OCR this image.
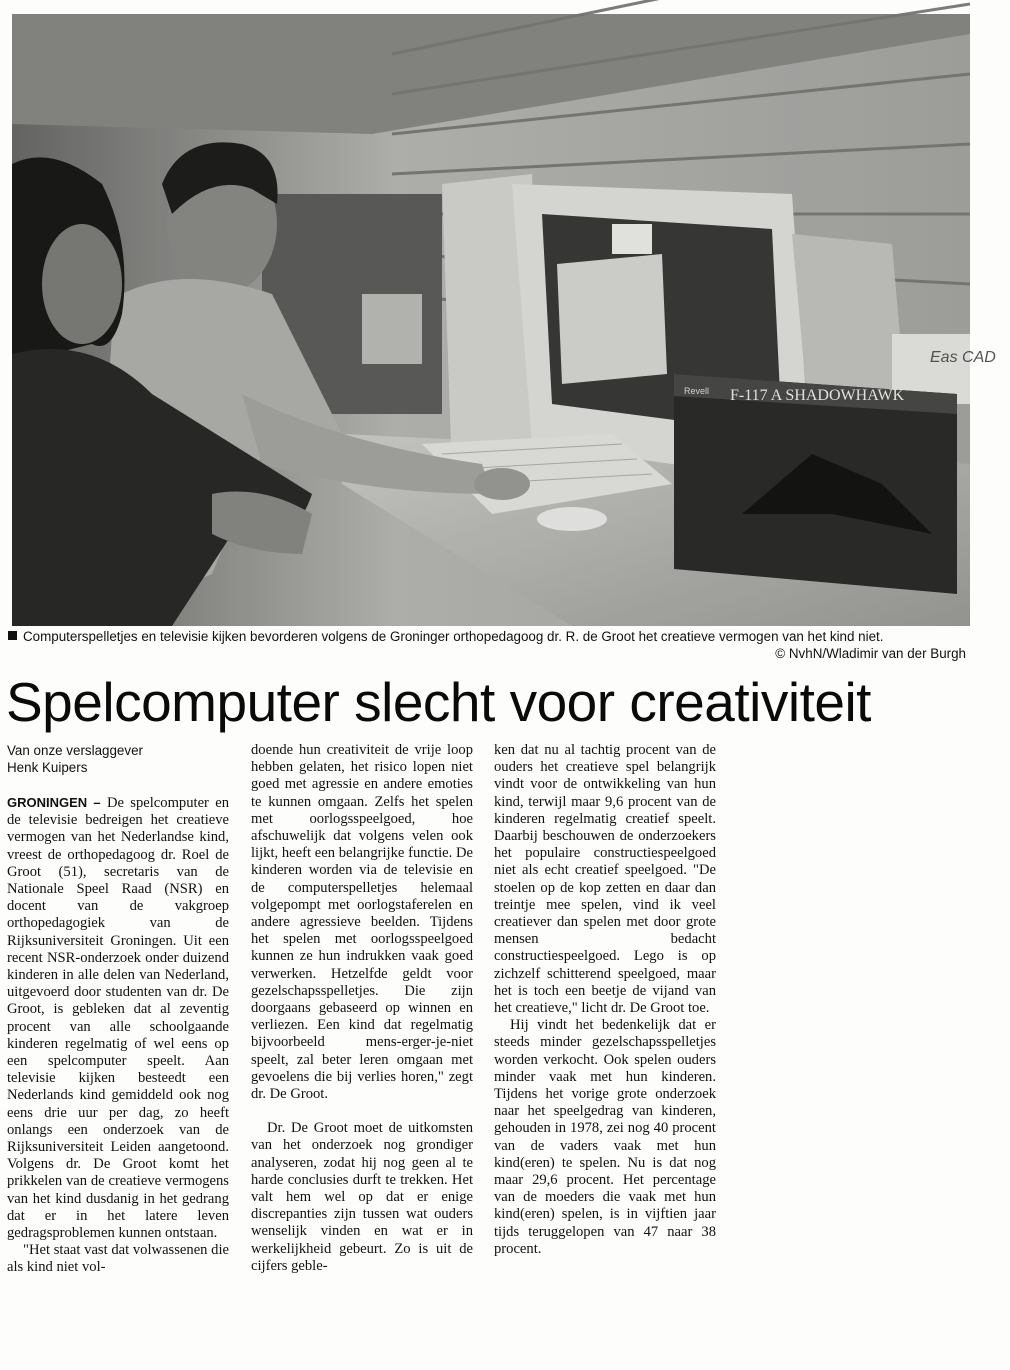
Eas CAD
Revell F-117 A SHADOWHAWK
Computerspelletjes en televisie kijken bevorderen volgens de Groninger orthopedagoog dr. R. de Groot het creatieve vermogen van het kind niet.
© NvhN/Wladimir van der Burgh
Spelcomputer slecht voor creativiteit

Van onze verslaggever
Henk Kuipers

GRONINGEN – De spelcomputer en de televisie bedreigen het creatieve vermogen van het Nederlandse kind, vreest de orthopedagoog dr. Roel de Groot (51), secretaris van de Nationale Speel Raad (NSR) en docent van de vakgroep orthopedagogiek van de Rijksuniversiteit Groningen. Uit een recent NSR-onderzoek onder duizend kinderen in alle delen van Nederland, uitgevoerd door studenten van dr. De Groot, is gebleken dat al zeventig procent van alle schoolgaande kinderen regelmatig of wel eens op een spelcomputer speelt. Aan televisie kijken besteedt een Nederlands kind gemiddeld ook nog eens drie uur per dag, zo heeft onlangs een onderzoek van de Rijksuniversiteit Leiden aangetoond. Volgens dr. De Groot komt het prikkelen van de creatieve vermogens van het kind dusdanig in het gedrang dat er in het latere leven gedragsproblemen kunnen ontstaan.

"Het staat vast dat volwassenen die als kind niet vol-

doende hun creativiteit de vrije loop hebben gelaten, het risico lopen niet goed met agressie en andere emoties te kunnen omgaan. Zelfs het spelen met oorlogsspeelgoed, hoe afschuwelijk dat volgens velen ook lijkt, heeft een belangrijke functie. De kinderen worden via de televisie en de computerspelletjes helemaal volgepompt met oorlogstaferelen en andere agressieve beelden. Tijdens het spelen met oorlogsspeelgoed kunnen ze hun indrukken vaak goed verwerken. Hetzelfde geldt voor gezelschapsspelletjes. Die zijn doorgaans gebaseerd op winnen en verliezen. Een kind dat regelmatig bijvoorbeeld mens-erger-je-niet speelt, zal beter leren omgaan met gevoelens die bij verlies horen," zegt dr. De Groot.

Dr. De Groot moet de uitkomsten van het onderzoek nog grondiger analyseren, zodat hij nog geen al te harde conclusies durft te trekken. Het valt hem wel op dat er enige discrepanties zijn tussen wat ouders wenselijk vinden en wat er in werkelijkheid gebeurt. Zo is uit de cijfers geble-

ken dat nu al tachtig procent van de ouders het creatieve spel belangrijk vindt voor de ontwikkeling van hun kind, terwijl maar 9,6 procent van de kinderen regelmatig creatief speelt. Daarbij beschouwen de onderzoekers het populaire constructiespeelgoed niet als echt creatief speelgoed. "De stoelen op de kop zetten en daar dan treintje mee spelen, vind ik veel creatiever dan spelen met door grote mensen bedacht constructiespeelgoed. Lego is op zichzelf schitterend speelgoed, maar het is toch een beetje de vijand van het creatieve," licht dr. De Groot toe.

Hij vindt het bedenkelijk dat er steeds minder gezelschapsspelletjes worden verkocht. Ook spelen ouders minder vaak met hun kinderen. Tijdens het vorige grote onderzoek naar het speelgedrag van kinderen, gehouden in 1978, zei nog 40 procent van de vaders vaak met hun kind(eren) te spelen. Nu is dat nog maar 29,6 procent. Het percentage van de moeders die vaak met hun kind(eren) spelen, is in vijftien jaar tijds teruggelopen van 47 naar 38 procent.
